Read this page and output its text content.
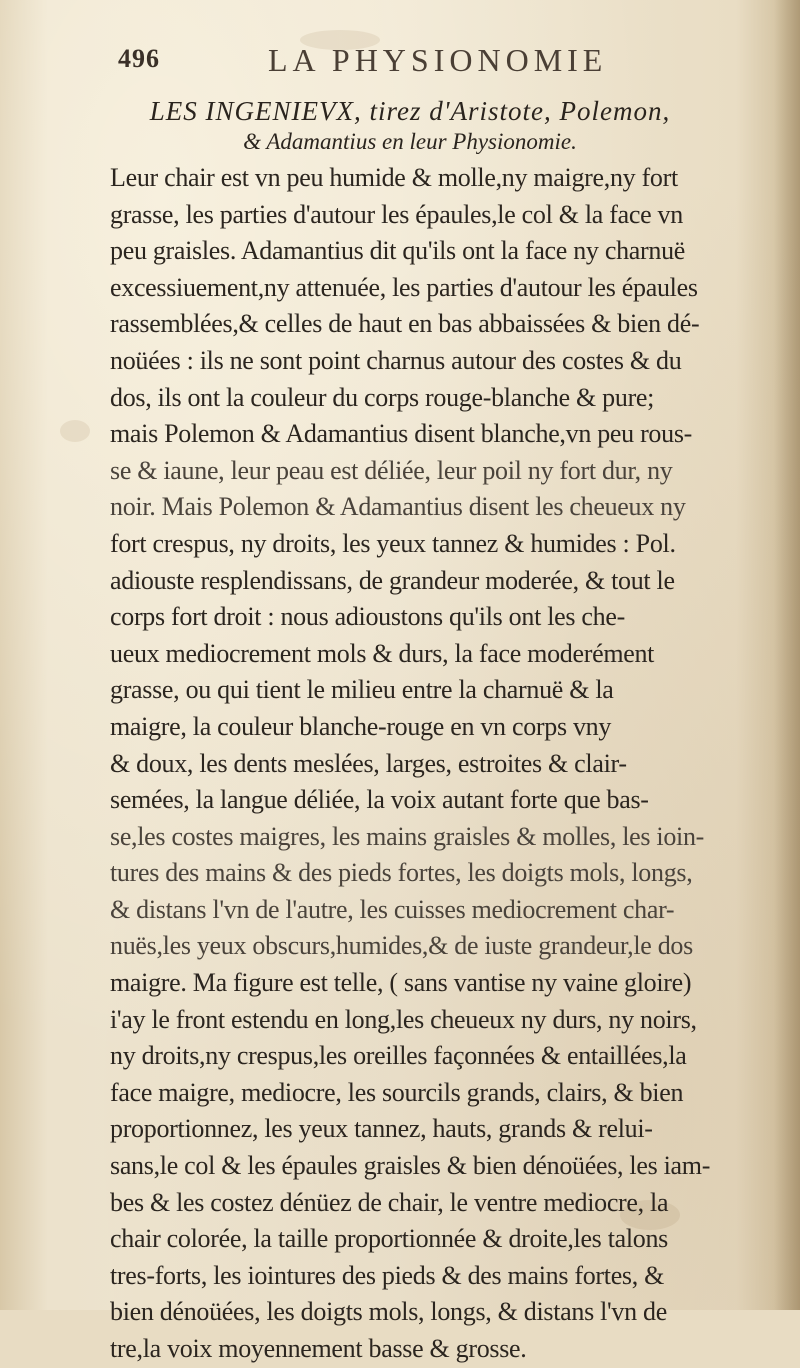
496	LA PHYSIONOMIE
LES INGENIEVX, tirez d'Aristote, Polemon,
& Adamantius en leur Physionomie.
Leur chair est vn peu humide & molle,ny maigre,ny fort
grasse, les parties d'autour les épaules,le col & la face vn
peu graisles. Adamantius dit qu'ils ont la face ny charnuë
excessiuement,ny attenuée, les parties d'autour les épaules
rassemblées,& celles de haut en bas abbaissées & bien dé-
noüées : ils ne sont point charnus autour des costes & du
dos, ils ont la couleur du corps rouge-blanche & pure;
mais Polemon & Adamantius disent blanche,vn peu rous-
se & iaune, leur peau est déliée, leur poil ny fort dur, ny
noir. Mais Polemon & Adamantius disent les cheueux ny
fort crespus, ny droits, les yeux tannez & humides : Pol.
adiouste resplendissans, de grandeur moderée, & tout le
corps fort droit : nous adioustons qu'ils ont les che-
ueux mediocrement mols & durs, la face moderément
grasse, ou qui tient le milieu entre la charnuë & la
maigre, la couleur blanche-rouge en vn corps vny
& doux, les dents meslées, larges, estroites & clair-
semées, la langue déliée, la voix autant forte que bas-
se,les costes maigres, les mains graisles & molles, les ioin-
tures des mains & des pieds fortes, les doigts mols, longs,
& distans l'vn de l'autre, les cuisses mediocrement char-
nuës,les yeux obscurs,humides,& de iuste grandeur,le dos
maigre. Ma figure est telle, ( sans vantise ny vaine gloire)
i'ay le front estendu en long,les cheueux ny durs, ny noirs,
ny droits,ny crespus,les oreilles façonnées & entaillées,la
face maigre, mediocre, les sourcils grands, clairs, & bien
proportionnez, les yeux tannez, hauts, grands & relui-
sans,le col & les épaules graisles & bien dénoüées, les iam-
bes & les costez dénüez de chair, le ventre mediocre, la
chair colorée, la taille proportionnée & droite,les talons
tres-forts, les iointures des pieds & des mains fortes, &
bien dénoüées, les doigts mols, longs, & distans l'vn de
tre,la voix moyennement basse & grosse.
